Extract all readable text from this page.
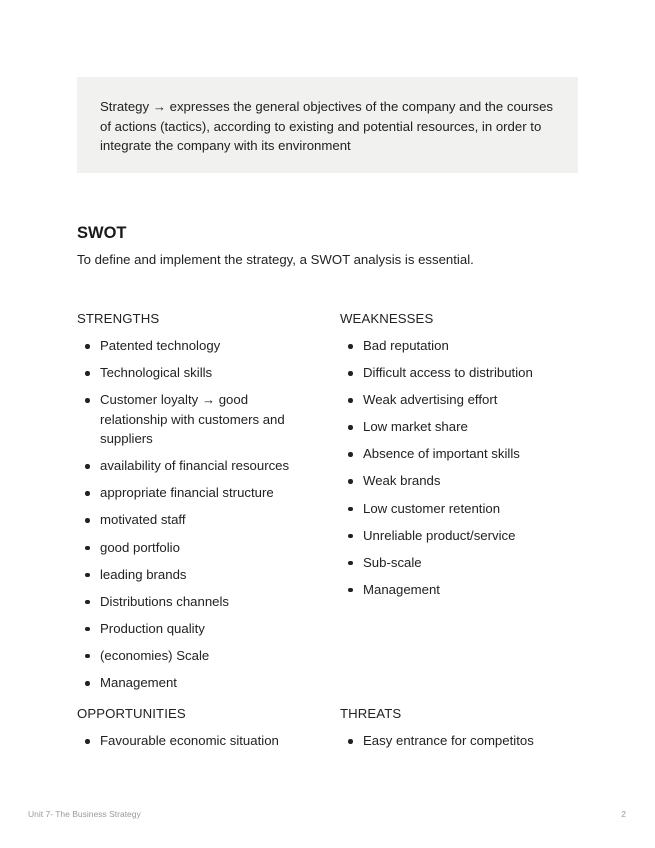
Strategy → expresses the general objectives of the company and the courses of actions (tactics), according to existing and potential resources, in order to integrate the company with its environment
SWOT

To define and implement the strategy, a SWOT analysis is essential.

STRENGTHS
Patented technology
Technological skills
Customer loyalty → good relationship with customers and suppliers
availability of financial resources
appropriate financial structure
motivated staff
good portfolio
leading brands
Distributions channels
Production quality
(economies) Scale
Management
WEAKNESSES
Bad reputation
Difficult access to distribution
Weak advertising effort
Low market share
Absence of important skills
Weak brands
Low customer retention
Unreliable product/service
Sub-scale
Management
OPPORTUNITIES
Favourable economic situation
THREATS
Easy entrance for competitos
Unit 7- The Business Strategy	2
